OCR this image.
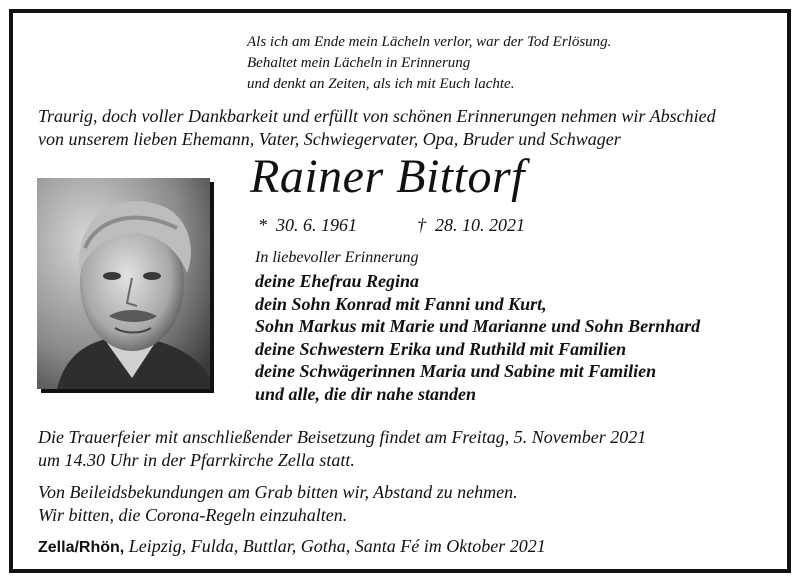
Als ich am Ende mein Lächeln verlor, war der Tod Erlösung.
Behaltet mein Lächeln in Erinnerung
und denkt an Zeiten, als ich mit Euch lachte.
Traurig, doch voller Dankbarkeit und erfüllt von schönen Erinnerungen nehmen wir Abschied
von unserem lieben Ehemann, Vater, Schwiegervater, Opa, Bruder und Schwager
Rainer Bittorf
*  30. 6. 1961	†  28. 10. 2021
In liebevoller Erinnerung
deine Ehefrau Regina
dein Sohn Konrad mit Fanni und Kurt,
Sohn Markus mit Marie und Marianne und Sohn Bernhard
deine Schwestern Erika und Ruthild mit Familien
deine Schwägerinnen Maria und Sabine mit Familien
und alle, die dir nahe standen
Die Trauerfeier mit anschließender Beisetzung findet am Freitag, 5. November 2021
um 14.30 Uhr in der Pfarrkirche Zella statt.
Von Beileidsbekundungen am Grab bitten wir, Abstand zu nehmen.
Wir bitten, die Corona-Regeln einzuhalten.
Zella/Rhön, Leipzig, Fulda, Buttlar, Gotha, Santa Fé im Oktober 2021
